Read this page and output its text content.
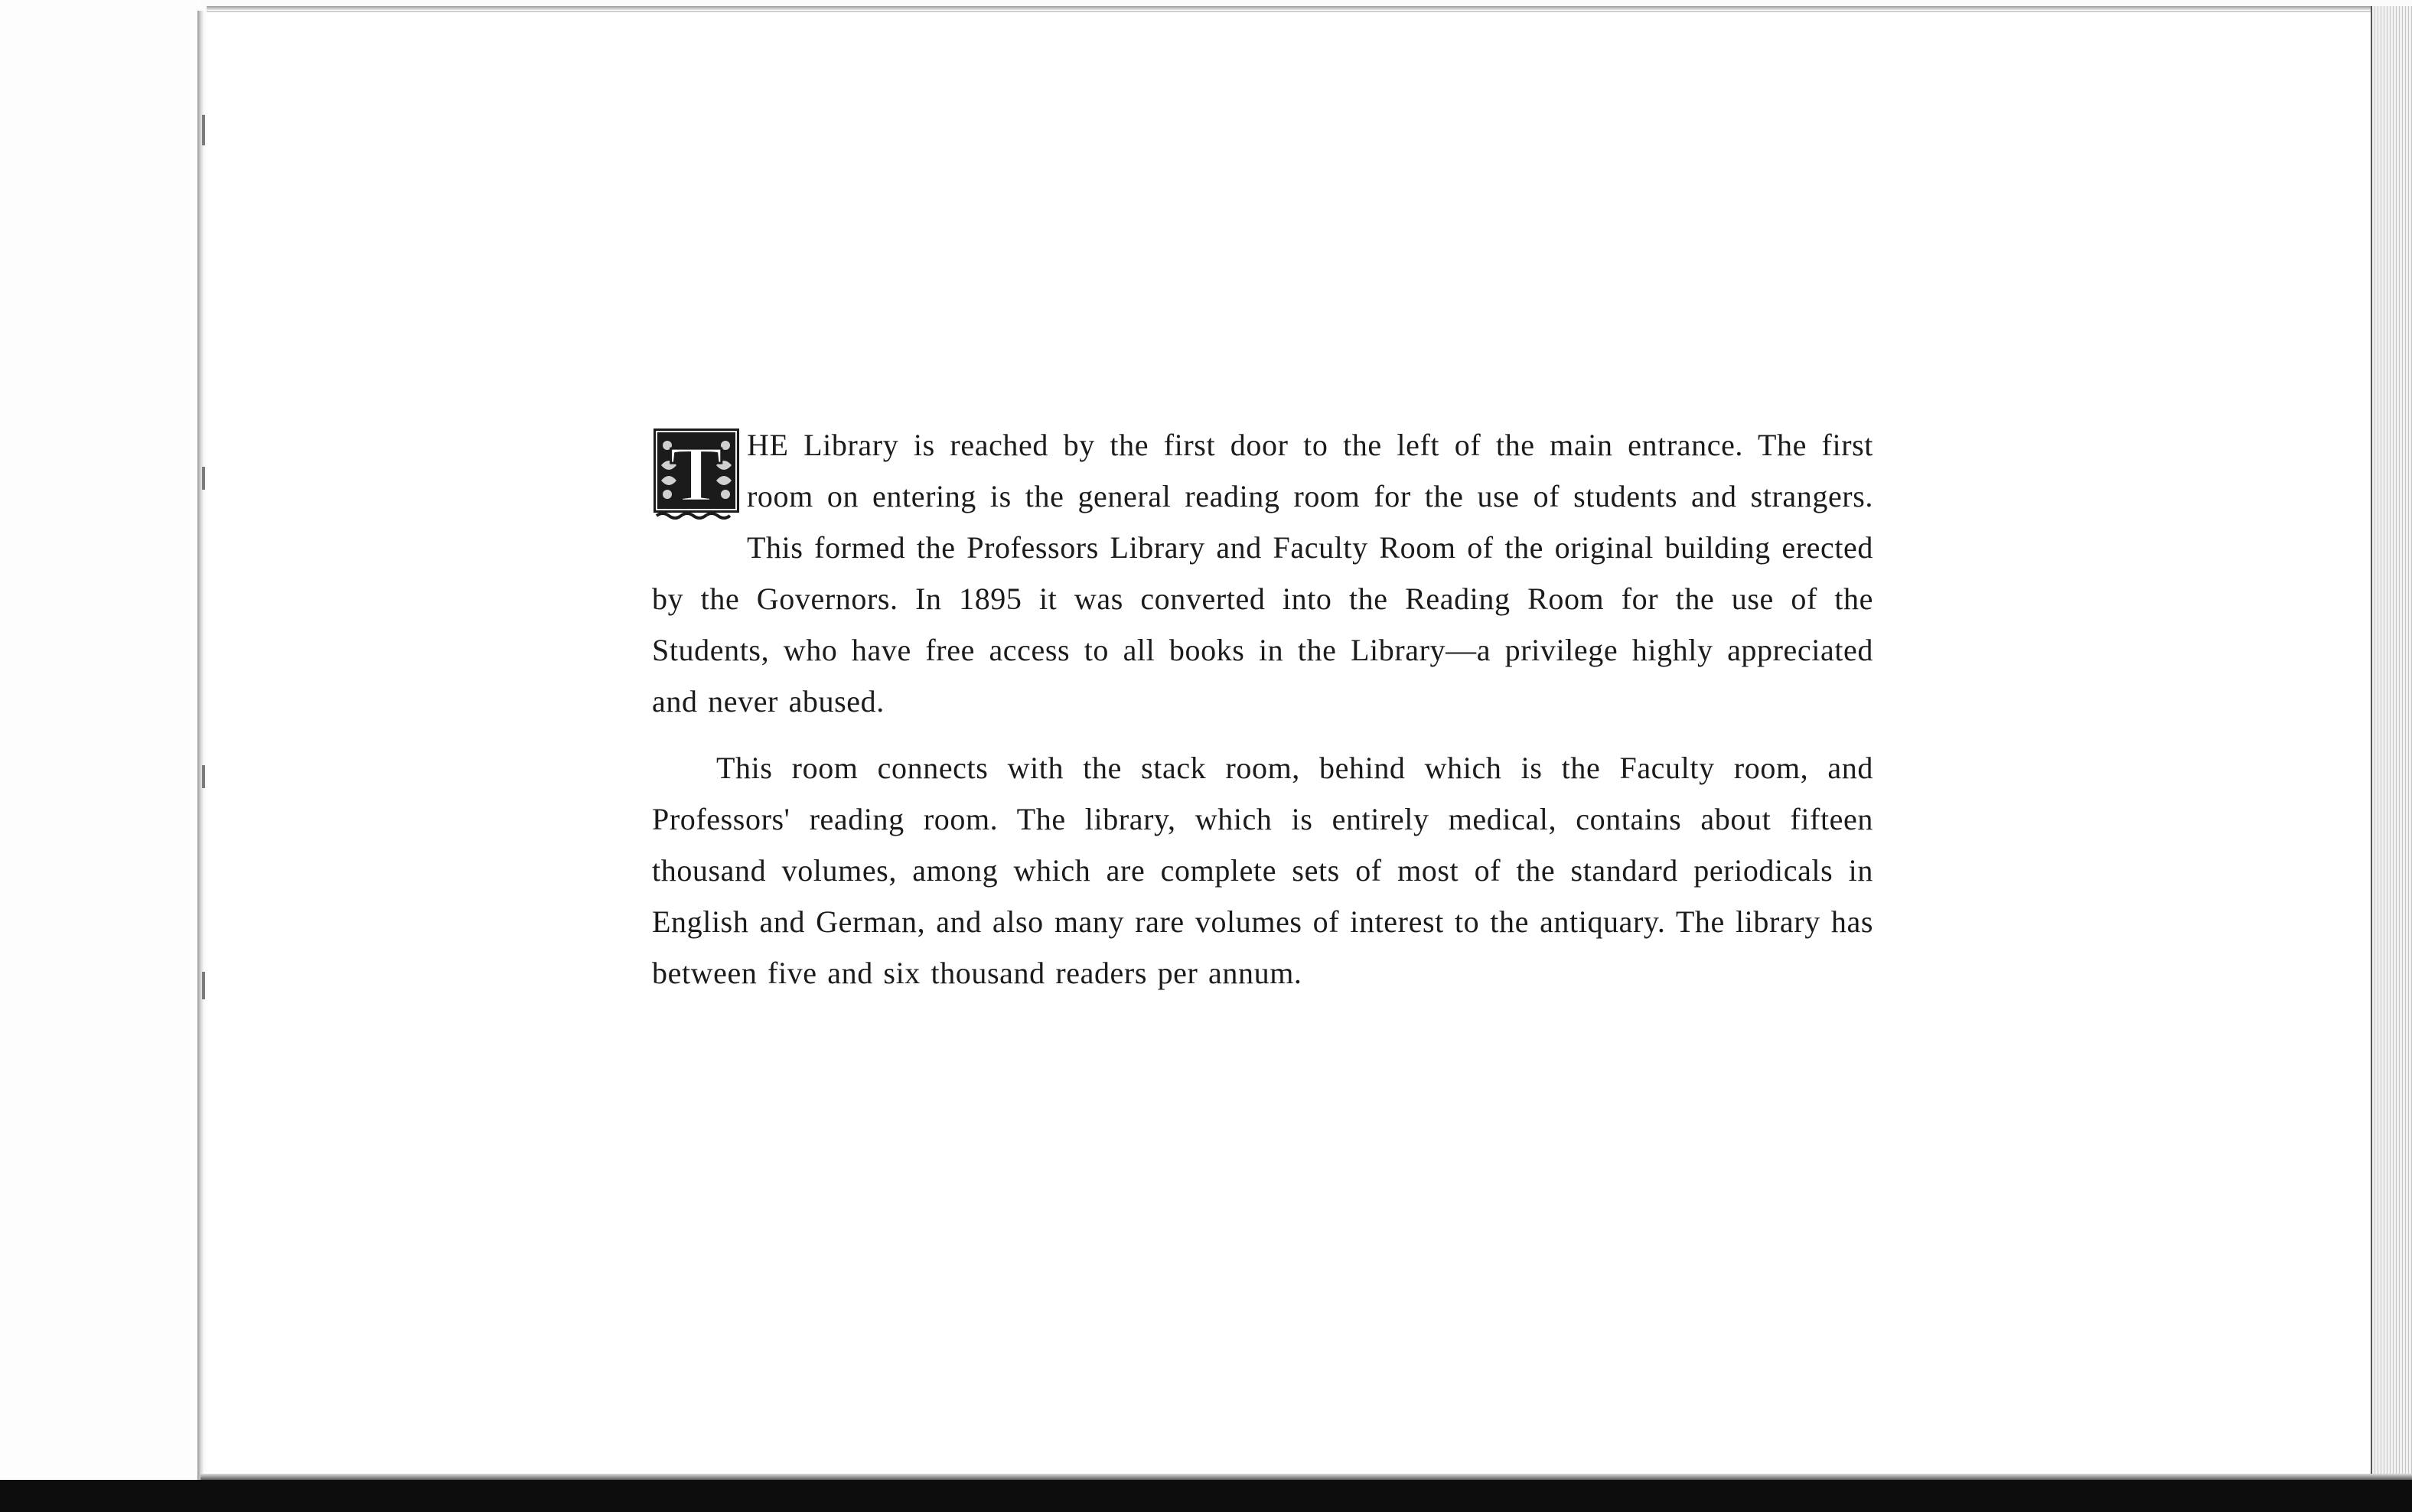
T HE Library is reached by the first door to the left of the main entrance. The first room on entering is the general reading room for the use of students and strangers. This formed the Professors Library and Faculty Room of the original building erected by the Governors. In 1895 it was converted into the Reading Room for the use of the Students, who have free access to all books in the Library—a privilege highly appreciated and never abused.

This room connects with the stack room, behind which is the Faculty room, and Professors' reading room. The library, which is entirely medical, contains about fifteen thousand volumes, among which are complete sets of most of the standard periodicals in English and German, and also many rare volumes of interest to the antiquary. The library has between five and six thousand readers per annum.
